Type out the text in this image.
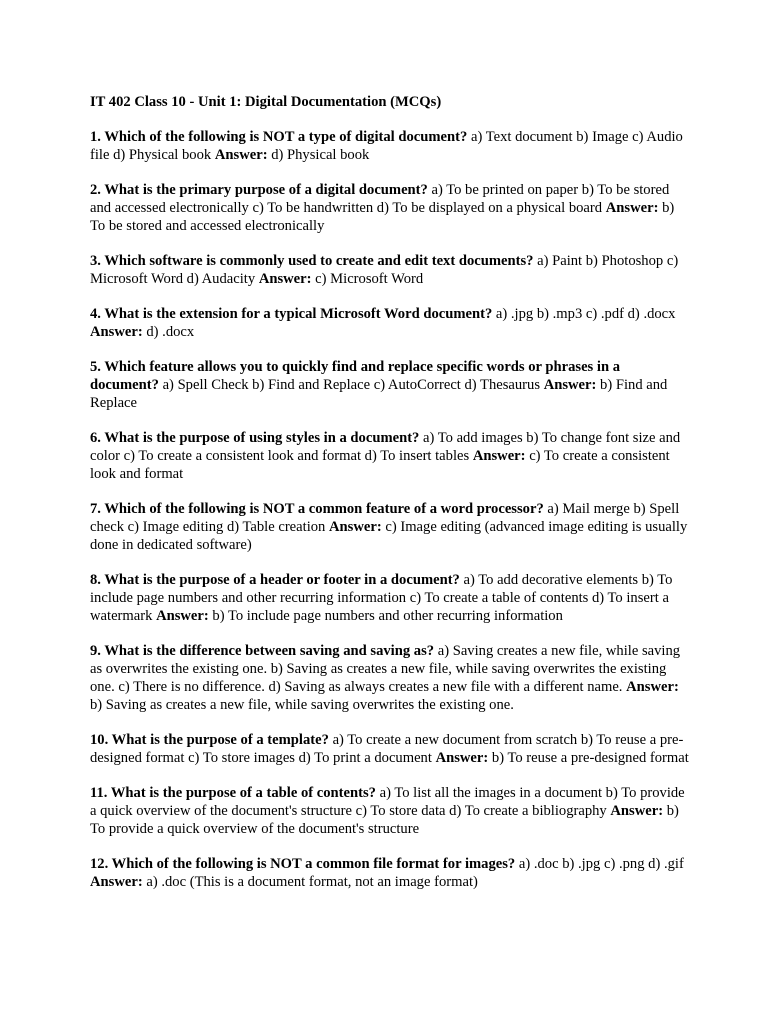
IT 402 Class 10 - Unit 1: Digital Documentation (MCQs)

1. Which of the following is NOT a type of digital document? a) Text document b) Image c) Audio file d) Physical book Answer: d) Physical book

2. What is the primary purpose of a digital document? a) To be printed on paper b) To be stored and accessed electronically c) To be handwritten d) To be displayed on a physical board Answer: b) To be stored and accessed electronically

3. Which software is commonly used to create and edit text documents? a) Paint b) Photoshop c) Microsoft Word d) Audacity Answer: c) Microsoft Word

4. What is the extension for a typical Microsoft Word document? a) .jpg b) .mp3 c) .pdf d) .docx Answer: d) .docx

5. Which feature allows you to quickly find and replace specific words or phrases in a document? a) Spell Check b) Find and Replace c) AutoCorrect d) Thesaurus Answer: b) Find and Replace

6. What is the purpose of using styles in a document? a) To add images b) To change font size and color c) To create a consistent look and format d) To insert tables Answer: c) To create a consistent look and format

7. Which of the following is NOT a common feature of a word processor? a) Mail merge b) Spell check c) Image editing d) Table creation Answer: c) Image editing (advanced image editing is usually done in dedicated software)

8. What is the purpose of a header or footer in a document? a) To add decorative elements b) To include page numbers and other recurring information c) To create a table of contents d) To insert a watermark Answer: b) To include page numbers and other recurring information

9. What is the difference between saving and saving as? a) Saving creates a new file, while saving as overwrites the existing one. b) Saving as creates a new file, while saving overwrites the existing one. c) There is no difference. d) Saving as always creates a new file with a different name. Answer: b) Saving as creates a new file, while saving overwrites the existing one.

10. What is the purpose of a template? a) To create a new document from scratch b) To reuse a pre-designed format c) To store images d) To print a document Answer: b) To reuse a pre-designed format

11. What is the purpose of a table of contents? a) To list all the images in a document b) To provide a quick overview of the document's structure c) To store data d) To create a bibliography Answer: b) To provide a quick overview of the document's structure

12. Which of the following is NOT a common file format for images? a) .doc b) .jpg c) .png d) .gif Answer: a) .doc (This is a document format, not an image format)
